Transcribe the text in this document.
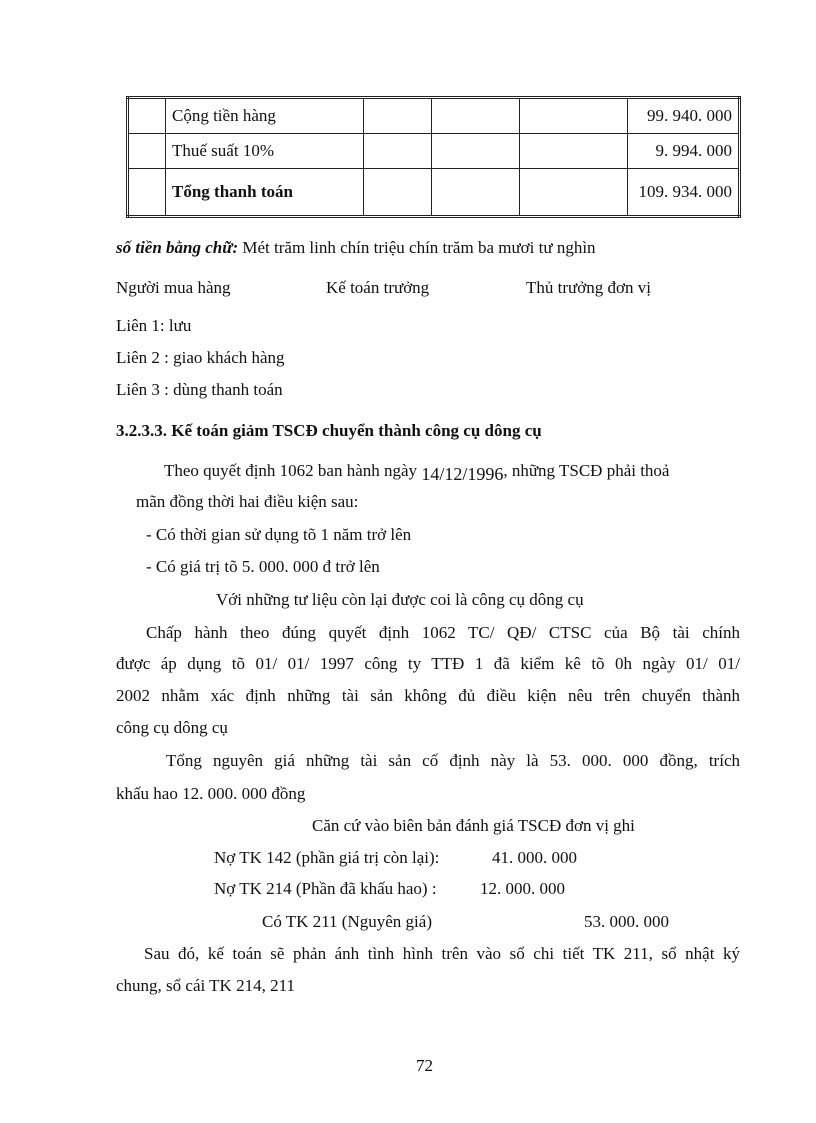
	Cộng tiền hàng				99. 940. 000
	Thuế suất 10%				9. 994. 000
	Tổng thanh toán				109. 934. 000
số tiền bằng chữ: Mét trăm linh chín triệu chín trăm ba mươi tư nghìn
Người mua hàng	Kế toán trưởng	Thủ trưởng đơn vị
Liên 1: lưu
Liên 2 : giao khách hàng
Liên 3 : dùng thanh toán
3.2.3.3. Kế toán giảm TSCĐ chuyển thành công cụ dông cụ
Theo quyết định 1062 ban hành ngày 14/12/1996, những TSCĐ phải thoả
mãn đồng thời hai điều kiện sau:
- Có thời gian sử dụng tõ 1 năm trở lên
- Có giá trị tõ 5. 000. 000 đ trở lên
Với những tư liệu còn lại được coi là công cụ dông cụ
Chấp hành theo đúng quyết định 1062 TC/ QĐ/ CTSC của Bộ tài chính
được áp dụng tõ 01/ 01/ 1997 công ty TTĐ 1 đã kiểm kê tõ 0h ngày 01/ 01/
2002 nhằm xác định những tài sản không đủ điều kiện nêu trên chuyển thành
công cụ dông cụ
Tổng nguyên giá những tài sản cố định này là 53. 000. 000 đồng, trích
khấu hao 12. 000. 000 đồng
Căn cứ vào biên bản đánh giá TSCĐ đơn vị ghi
Nợ TK 142 (phần giá trị còn lại):	41. 000. 000
Nợ TK 214 (Phần đã khấu hao) :	12. 000. 000
Có TK 211 (Nguyên giá)	53. 000. 000
Sau đó, kế toán sẽ phản ánh tình hình trên vào sổ chi tiết TK 211, sổ nhật ký
chung, sổ cái TK 214, 211
72
